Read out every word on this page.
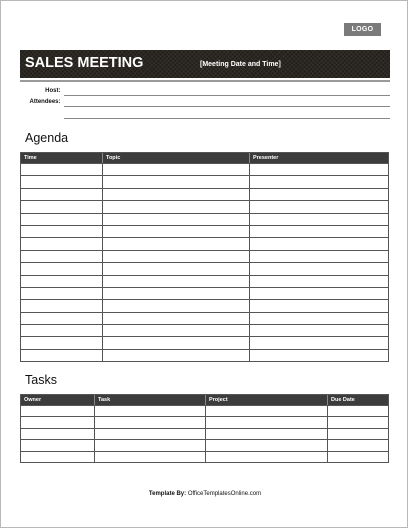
LOGO
SALES MEETING	[Meeting Date and Time]
Host:
Attendees:
Agenda
Time	Topic	Presenter
Tasks
Owner	Task	Project	Due Date
Template By: OfficeTemplatesOnline.com
